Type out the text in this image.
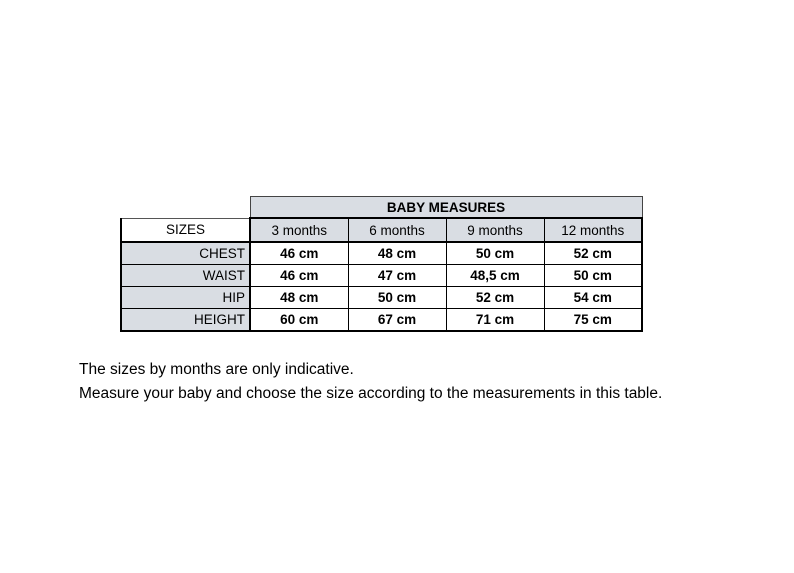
	BABY MEASURES			
SIZES	3 months	6 months	9 months	12 months
CHEST	46 cm	48 cm	50 cm	52 cm
WAIST	46 cm	47 cm	48,5 cm	50 cm
HIP	48 cm	50 cm	52 cm	54 cm
HEIGHT	60 cm	67 cm	71 cm	75 cm
The sizes by months are only indicative.
Measure your baby and choose the size according to the measurements in this table.
